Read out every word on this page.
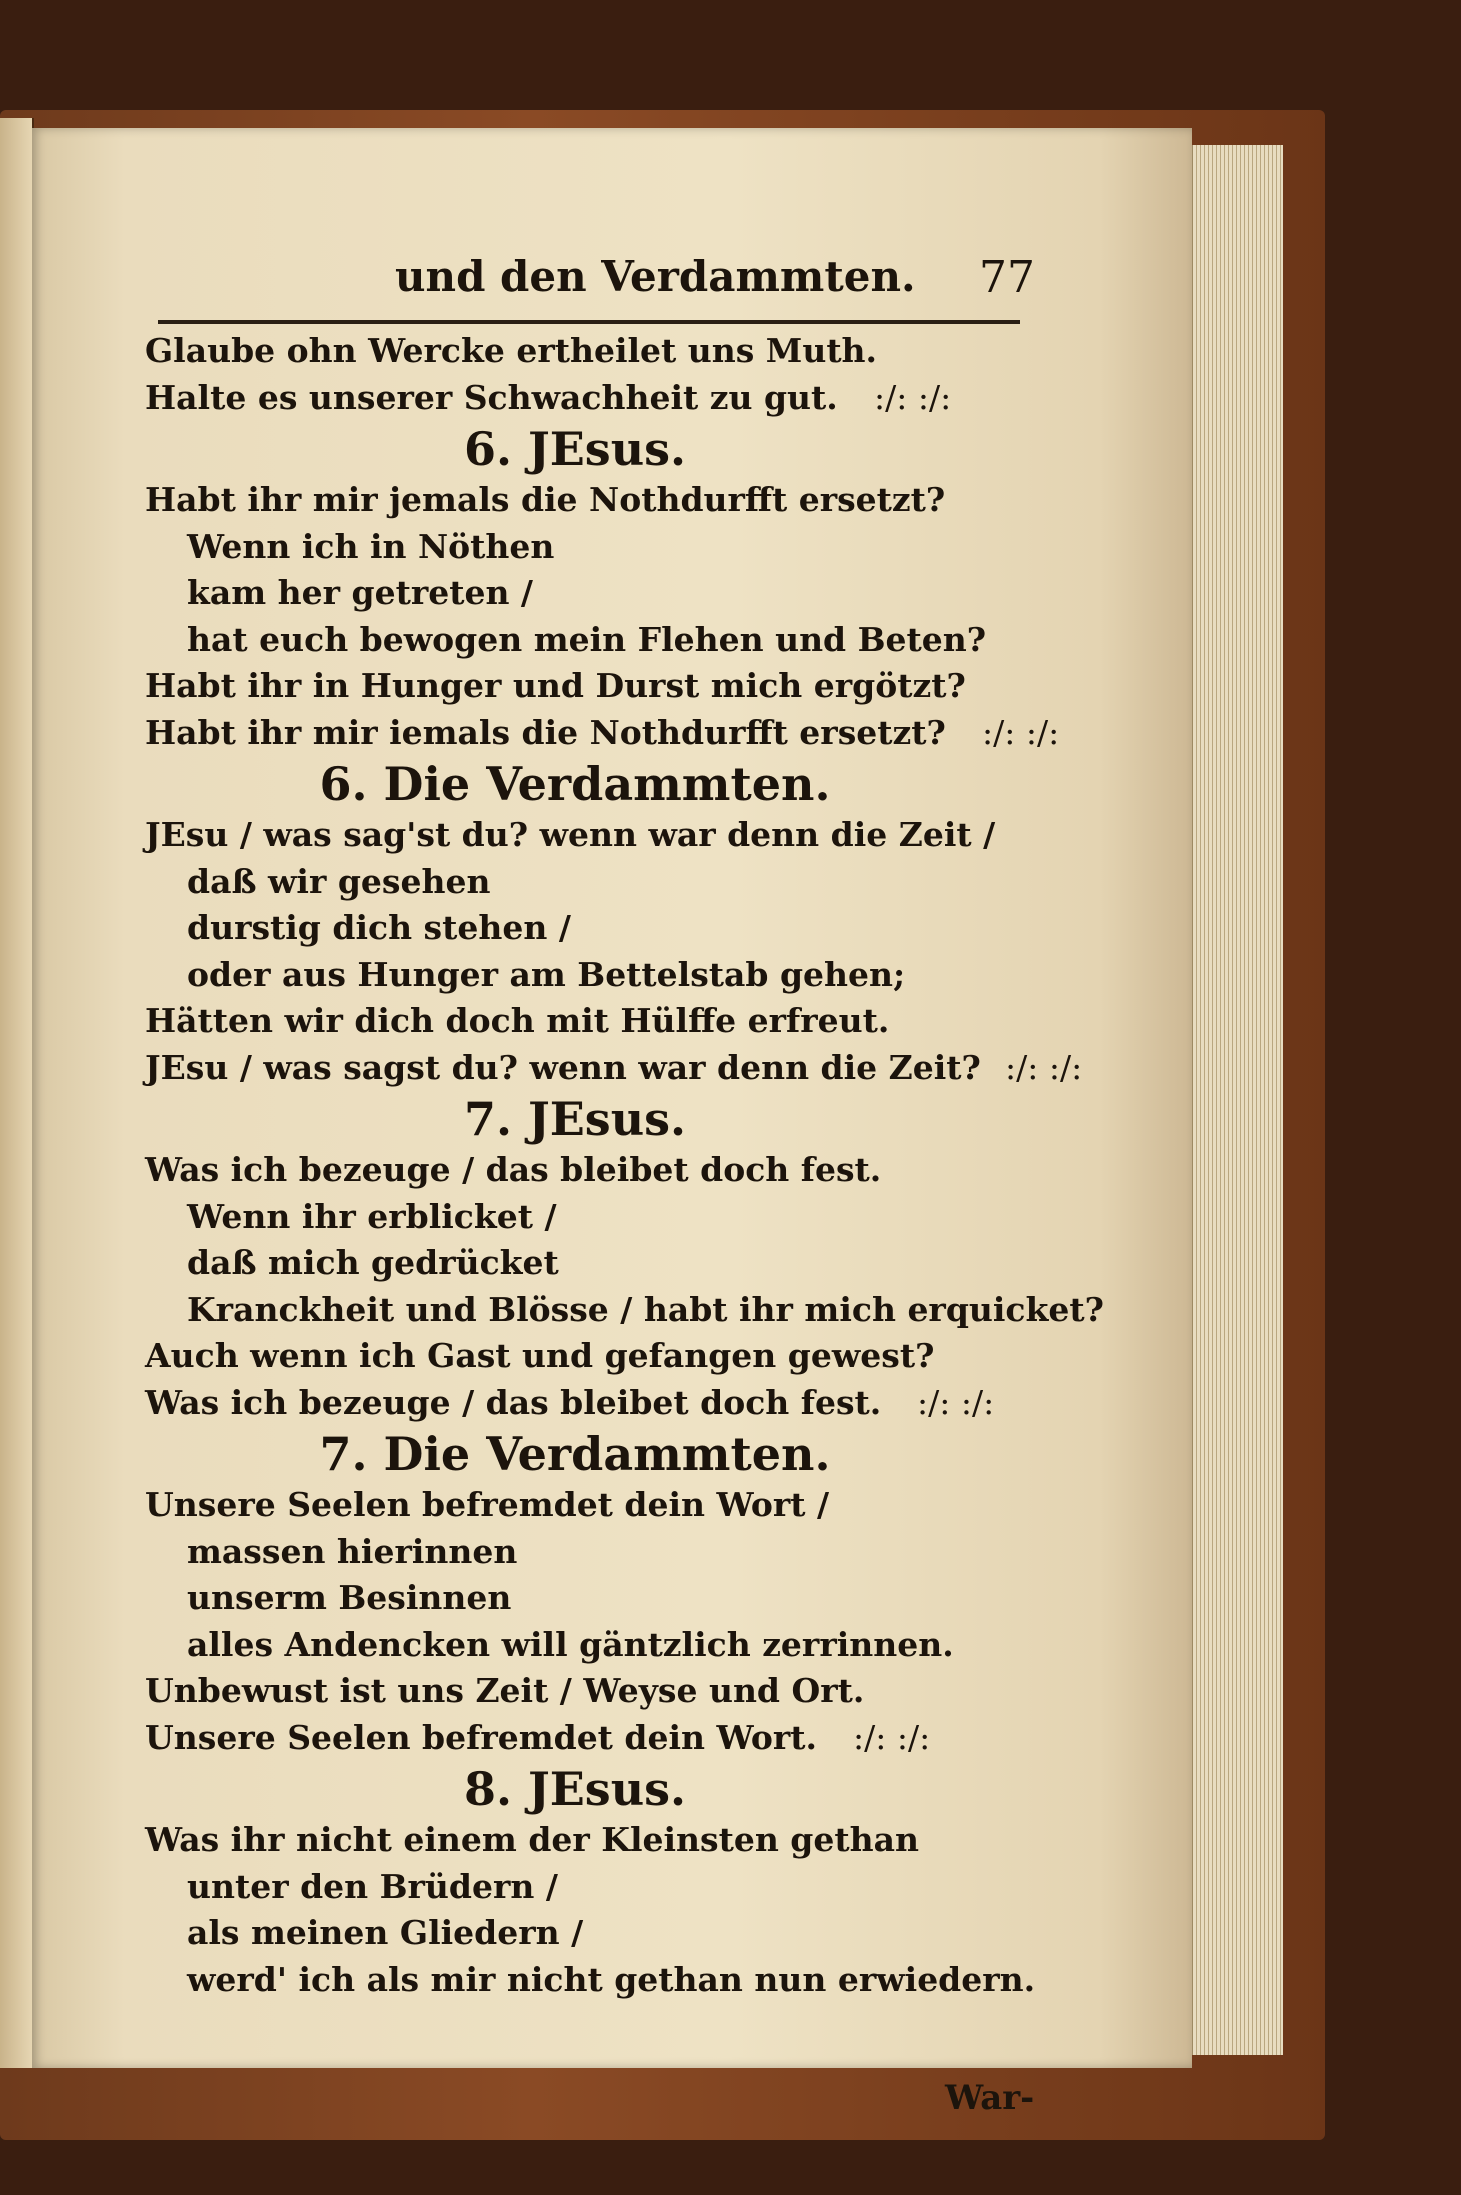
und den Verdammten. 77
Glaube ohn Wercke ertheilet uns Muth.
Halte es unserer Schwachheit zu gut. :/: :/:
6. JEsus.
Habt ihr mir jemals die Nothdurfft ersetzt?
Wenn ich in Nöthen
kam her getreten /
hat euch bewogen mein Flehen und Beten?
Habt ihr in Hunger und Durst mich ergötzt?
Habt ihr mir iemals die Nothdurfft ersetzt? :/: :/:
6. Die Verdammten.
JEsu / was sag'st du? wenn war denn die Zeit /
daß wir gesehen
durstig dich stehen /
oder aus Hunger am Bettelstab gehen;
Hätten wir dich doch mit Hülffe erfreut.
JEsu / was sagst du? wenn war denn die Zeit? :/: :/:
7. JEsus.
Was ich bezeuge / das bleibet doch fest.
Wenn ihr erblicket /
daß mich gedrücket
Kranckheit und Blösse / habt ihr mich erquicket?
Auch wenn ich Gast und gefangen gewest?
Was ich bezeuge / das bleibet doch fest. :/: :/:
7. Die Verdammten.
Unsere Seelen befremdet dein Wort /
massen hierinnen
unserm Besinnen
alles Andencken will gäntzlich zerrinnen.
Unbewust ist uns Zeit / Weyse und Ort.
Unsere Seelen befremdet dein Wort. :/: :/:
8. JEsus.
Was ihr nicht einem der Kleinsten gethan
unter den Brüdern /
als meinen Gliedern /
werd' ich als mir nicht gethan nun erwiedern.
War-
